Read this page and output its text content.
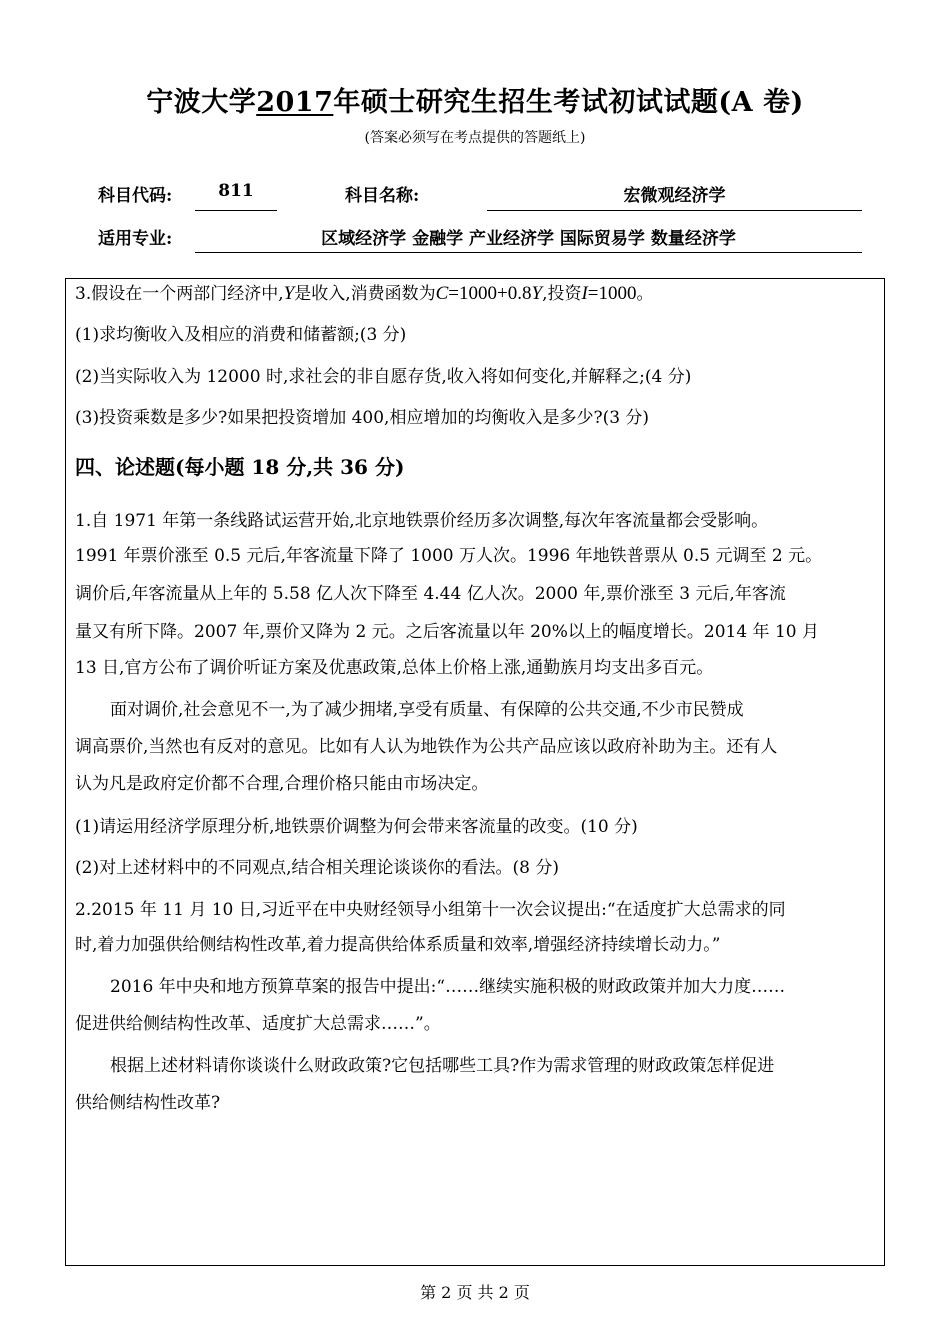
宁波大学2017年硕士研究生招生考试初试试题(A 卷)
(答案必须写在考点提供的答题纸上)
科目代码:	811	科目名称:	宏微观经济学
适用专业:	区域经济学 金融学 产业经济学 国际贸易学 数量经济学
3.假设在一个两部门经济中,Y是收入,消费函数为C=1000+0.8Y,投资I=1000。
(1)求均衡收入及相应的消费和储蓄额;(3 分)
(2)当实际收入为 12000 时,求社会的非自愿存货,收入将如何变化,并解释之;(4 分)
(3)投资乘数是多少?如果把投资增加 400,相应增加的均衡收入是多少?(3 分)
四、论述题(每小题 18 分,共 36 分)
1.自 1971 年第一条线路试运营开始,北京地铁票价经历多次调整,每次年客流量都会受影响。
1991 年票价涨至 0.5 元后,年客流量下降了 1000 万人次。1996 年地铁普票从 0.5 元调至 2 元。
调价后,年客流量从上年的 5.58 亿人次下降至 4.44 亿人次。2000 年,票价涨至 3 元后,年客流
量又有所下降。2007 年,票价又降为 2 元。之后客流量以年 20%以上的幅度增长。2014 年 10 月
13 日,官方公布了调价听证方案及优惠政策,总体上价格上涨,通勤族月均支出多百元。
面对调价,社会意见不一,为了减少拥堵,享受有质量、有保障的公共交通,不少市民赞成
调高票价,当然也有反对的意见。比如有人认为地铁作为公共产品应该以政府补助为主。还有人
认为凡是政府定价都不合理,合理价格只能由市场决定。
(1)请运用经济学原理分析,地铁票价调整为何会带来客流量的改变。(10 分)
(2)对上述材料中的不同观点,结合相关理论谈谈你的看法。(8 分)
2.2015 年 11 月 10 日,习近平在中央财经领导小组第十一次会议提出:“在适度扩大总需求的同
时,着力加强供给侧结构性改革,着力提高供给体系质量和效率,增强经济持续增长动力。”
2016 年中央和地方预算草案的报告中提出:“……继续实施积极的财政政策并加大力度……
促进供给侧结构性改革、适度扩大总需求……”。
根据上述材料请你谈谈什么财政政策?它包括哪些工具?作为需求管理的财政政策怎样促进
供给侧结构性改革?
第 2 页 共 2 页
